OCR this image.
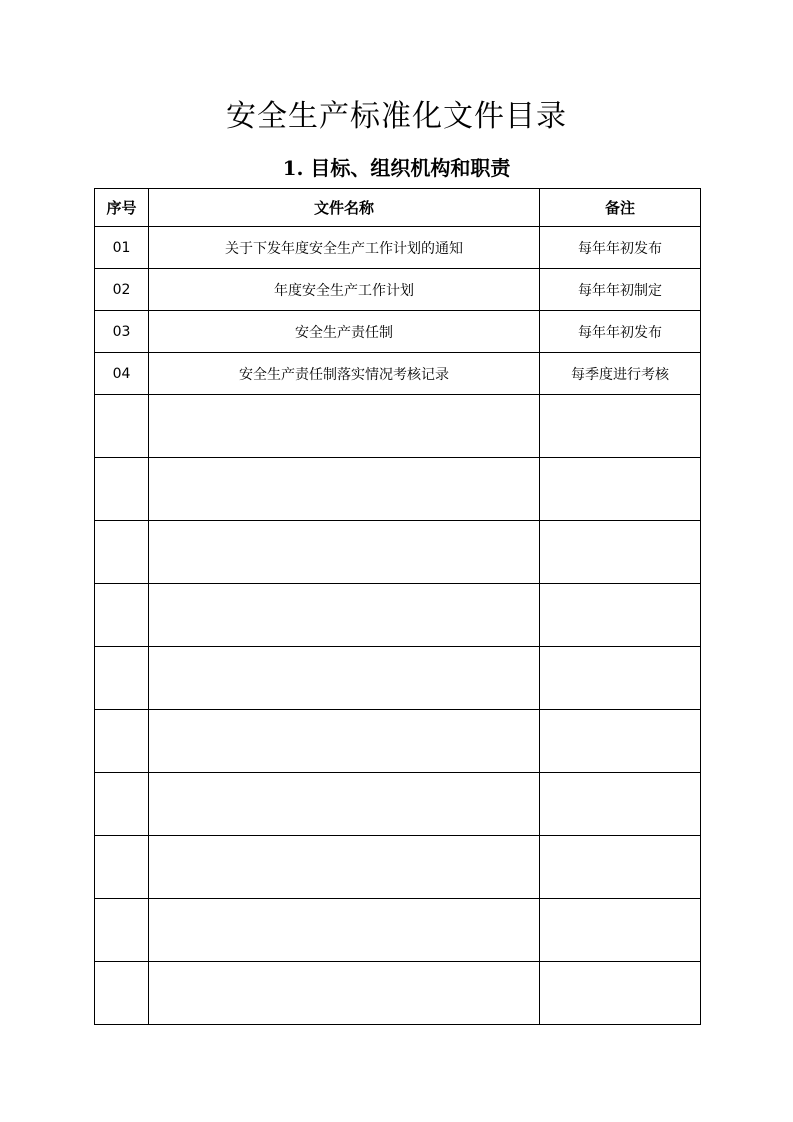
安全生产标准化文件目录
1. 目标、组织机构和职责
序号	文件名称	备注
01	关于下发年度安全生产工作计划的通知	每年年初发布
02	年度安全生产工作计划	每年年初制定
03	安全生产责任制	每年年初发布
04	安全生产责任制落实情况考核记录	每季度进行考核
